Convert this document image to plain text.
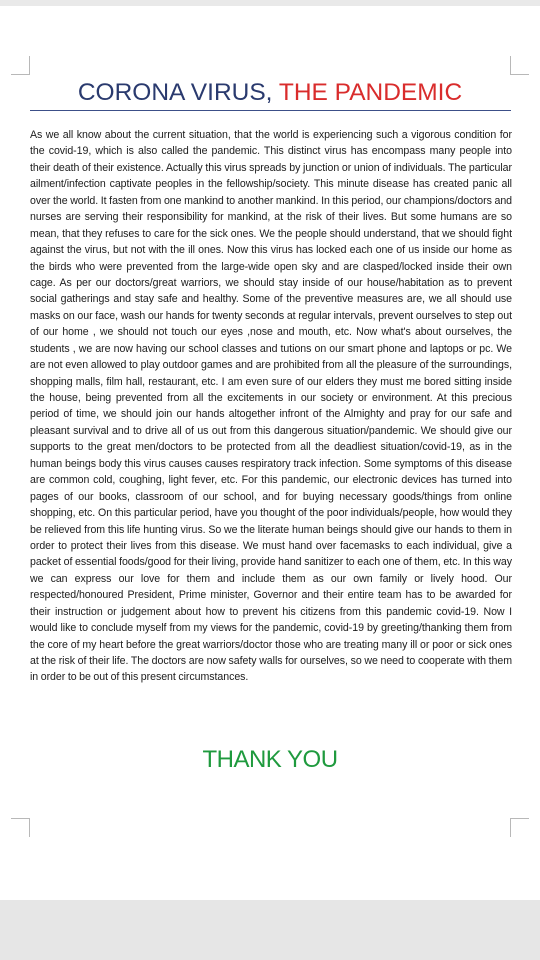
CORONA VIRUS, THE PANDEMIC

As we all know about the current situation, that the world is experiencing such a vigorous condition for the covid-19, which is also called the pandemic. This distinct virus has encompass many people into their death of their existence. Actually this virus spreads by junction or union of individuals. The particular ailment/infection captivate peoples in the fellowship/society. This minute disease has created panic all over the world. It fasten from one mankind to another mankind. In this period, our champions/doctors and nurses are serving their responsibility for mankind, at the risk of their lives. But some humans are so mean, that they refuses to care for the sick ones. We the people should understand, that we should fight against the virus, but not with the ill ones. Now this virus has locked each one of us inside our home as the birds who were prevented from the large-wide open sky and are clasped/locked inside their own cage. As per our doctors/great warriors, we should stay inside of our house/habitation as to prevent social gatherings and stay safe and healthy. Some of the preventive measures are, we all should use masks on our face, wash our hands for twenty seconds at regular intervals, prevent ourselves to step out of our home , we should not touch our eyes ,nose and mouth, etc. Now what's about ourselves, the students , we are now having our school classes and tutions on our smart phone and laptops or pc. We are not even allowed to play outdoor games and are prohibited from all the pleasure of the surroundings, shopping malls, film hall, restaurant, etc. I am even sure of our elders they must me bored sitting inside the house, being prevented from all the excitements in our society or environment. At this precious period of time, we should join our hands altogether infront of the Almighty and pray for our safe and pleasant survival and to drive all of us out from this dangerous situation/pandemic. We should give our supports to the great men/doctors to be protected from all the deadliest situation/covid-19, as in the human beings body this virus causes causes respiratory track infection. Some symptoms of this disease are common cold, coughing, light fever, etc. For this pandemic, our electronic devices has turned into pages of our books, classroom of our school, and for buying necessary goods/things from online shopping, etc. On this particular period, have you thought of the poor individuals/people, how would they be relieved from this life hunting virus. So we the literate human beings should give our hands to them in order to protect their lives from this disease. We must hand over facemasks to each individual, give a packet of essential foods/good for their living, provide hand sanitizer to each one of them, etc. In this way we can express our love for them and include them as our own family or lively hood. Our respected/honoured President, Prime minister, Governor and their entire team has to be awarded for their instruction or judgement about how to prevent his citizens from this pandemic covid-19. Now I would like to conclude myself from my views for the pandemic, covid-19 by greeting/thanking them from the core of my heart before the great warriors/doctor those who are treating many ill or poor or sick ones at the risk of their life. The doctors are now safety walls for ourselves, so we need to cooperate with them in order to be out of this present circumstances.

THANK YOU
